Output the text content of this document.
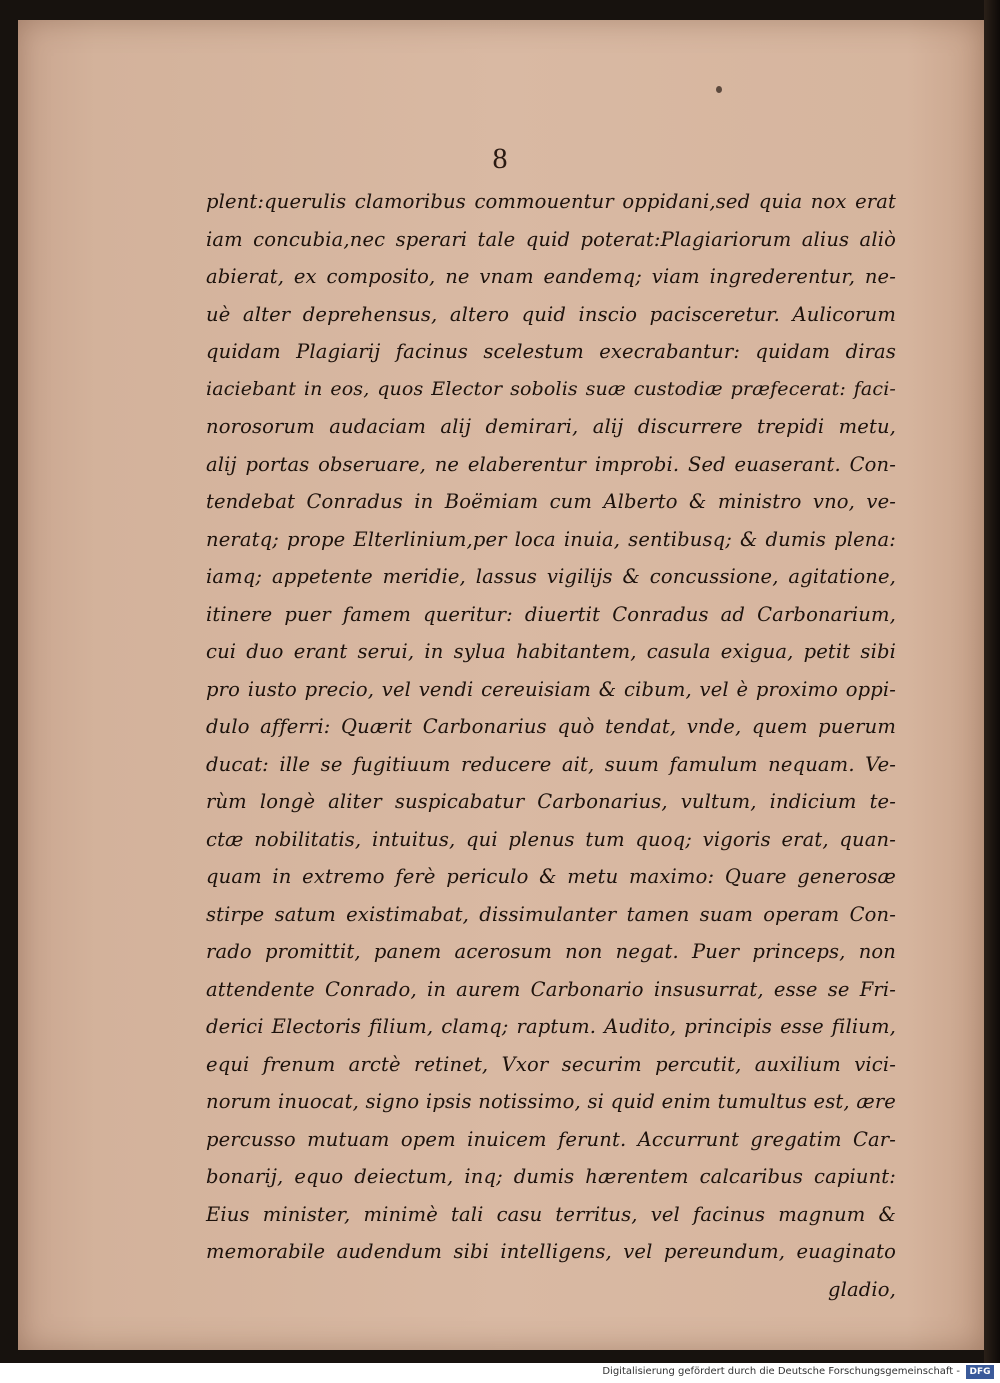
8
plent:querulis clamoribus commouentur oppidani,sed quia nox erat
iam concubia,nec sperari tale quid poterat:Plagiariorum alius aliò
abierat, ex composito, ne vnam eandemq; viam ingrederentur, ne-
uè alter deprehensus, altero quid inscio pacisceretur. Aulicorum
quidam Plagiarij facinus scelestum execrabantur: quidam diras
iaciebant in eos, quos Elector sobolis suæ custodiæ præfecerat: faci-
norosorum audaciam alij demirari, alij discurrere trepidi metu,
alij portas obseruare, ne elaberentur improbi. Sed euaserant. Con-
tendebat Conradus in Boëmiam cum Alberto & ministro vno, ve-
neratq; prope Elterlinium,per loca inuia, sentibusq; & dumis plena:
iamq; appetente meridie, lassus vigilijs & concussione, agitatione,
itinere puer famem queritur: diuertit Conradus ad Carbonarium,
cui duo erant serui, in sylua habitantem, casula exigua, petit sibi
pro iusto precio, vel vendi cereuisiam & cibum, vel è proximo oppi-
dulo afferri: Quærit Carbonarius quò tendat, vnde, quem puerum
ducat: ille se fugitiuum reducere ait, suum famulum nequam. Ve-
rùm longè aliter suspicabatur Carbonarius, vultum, indicium te-
ctæ nobilitatis, intuitus, qui plenus tum quoq; vigoris erat, quan-
quam in extremo ferè periculo & metu maximo: Quare generosæ
stirpe satum existimabat, dissimulanter tamen suam operam Con-
rado promittit, panem acerosum non negat. Puer princeps, non
attendente Conrado, in aurem Carbonario insusurrat, esse se Fri-
derici Electoris filium, clamq; raptum. Audito, principis esse filium,
equi frenum arctè retinet, Vxor securim percutit, auxilium vici-
norum inuocat, signo ipsis notissimo, si quid enim tumultus est, ære
percusso mutuam opem inuicem ferunt. Accurrunt gregatim Car-
bonarij, equo deiectum, inq; dumis hærentem calcaribus capiunt:
Eius minister, minimè tali casu territus, vel facinus magnum &
memorabile audendum sibi intelligens, vel pereundum, euaginato
gladio,
Digitalisierung gefördert durch die Deutsche Forschungsgemeinschaft -	DFG
